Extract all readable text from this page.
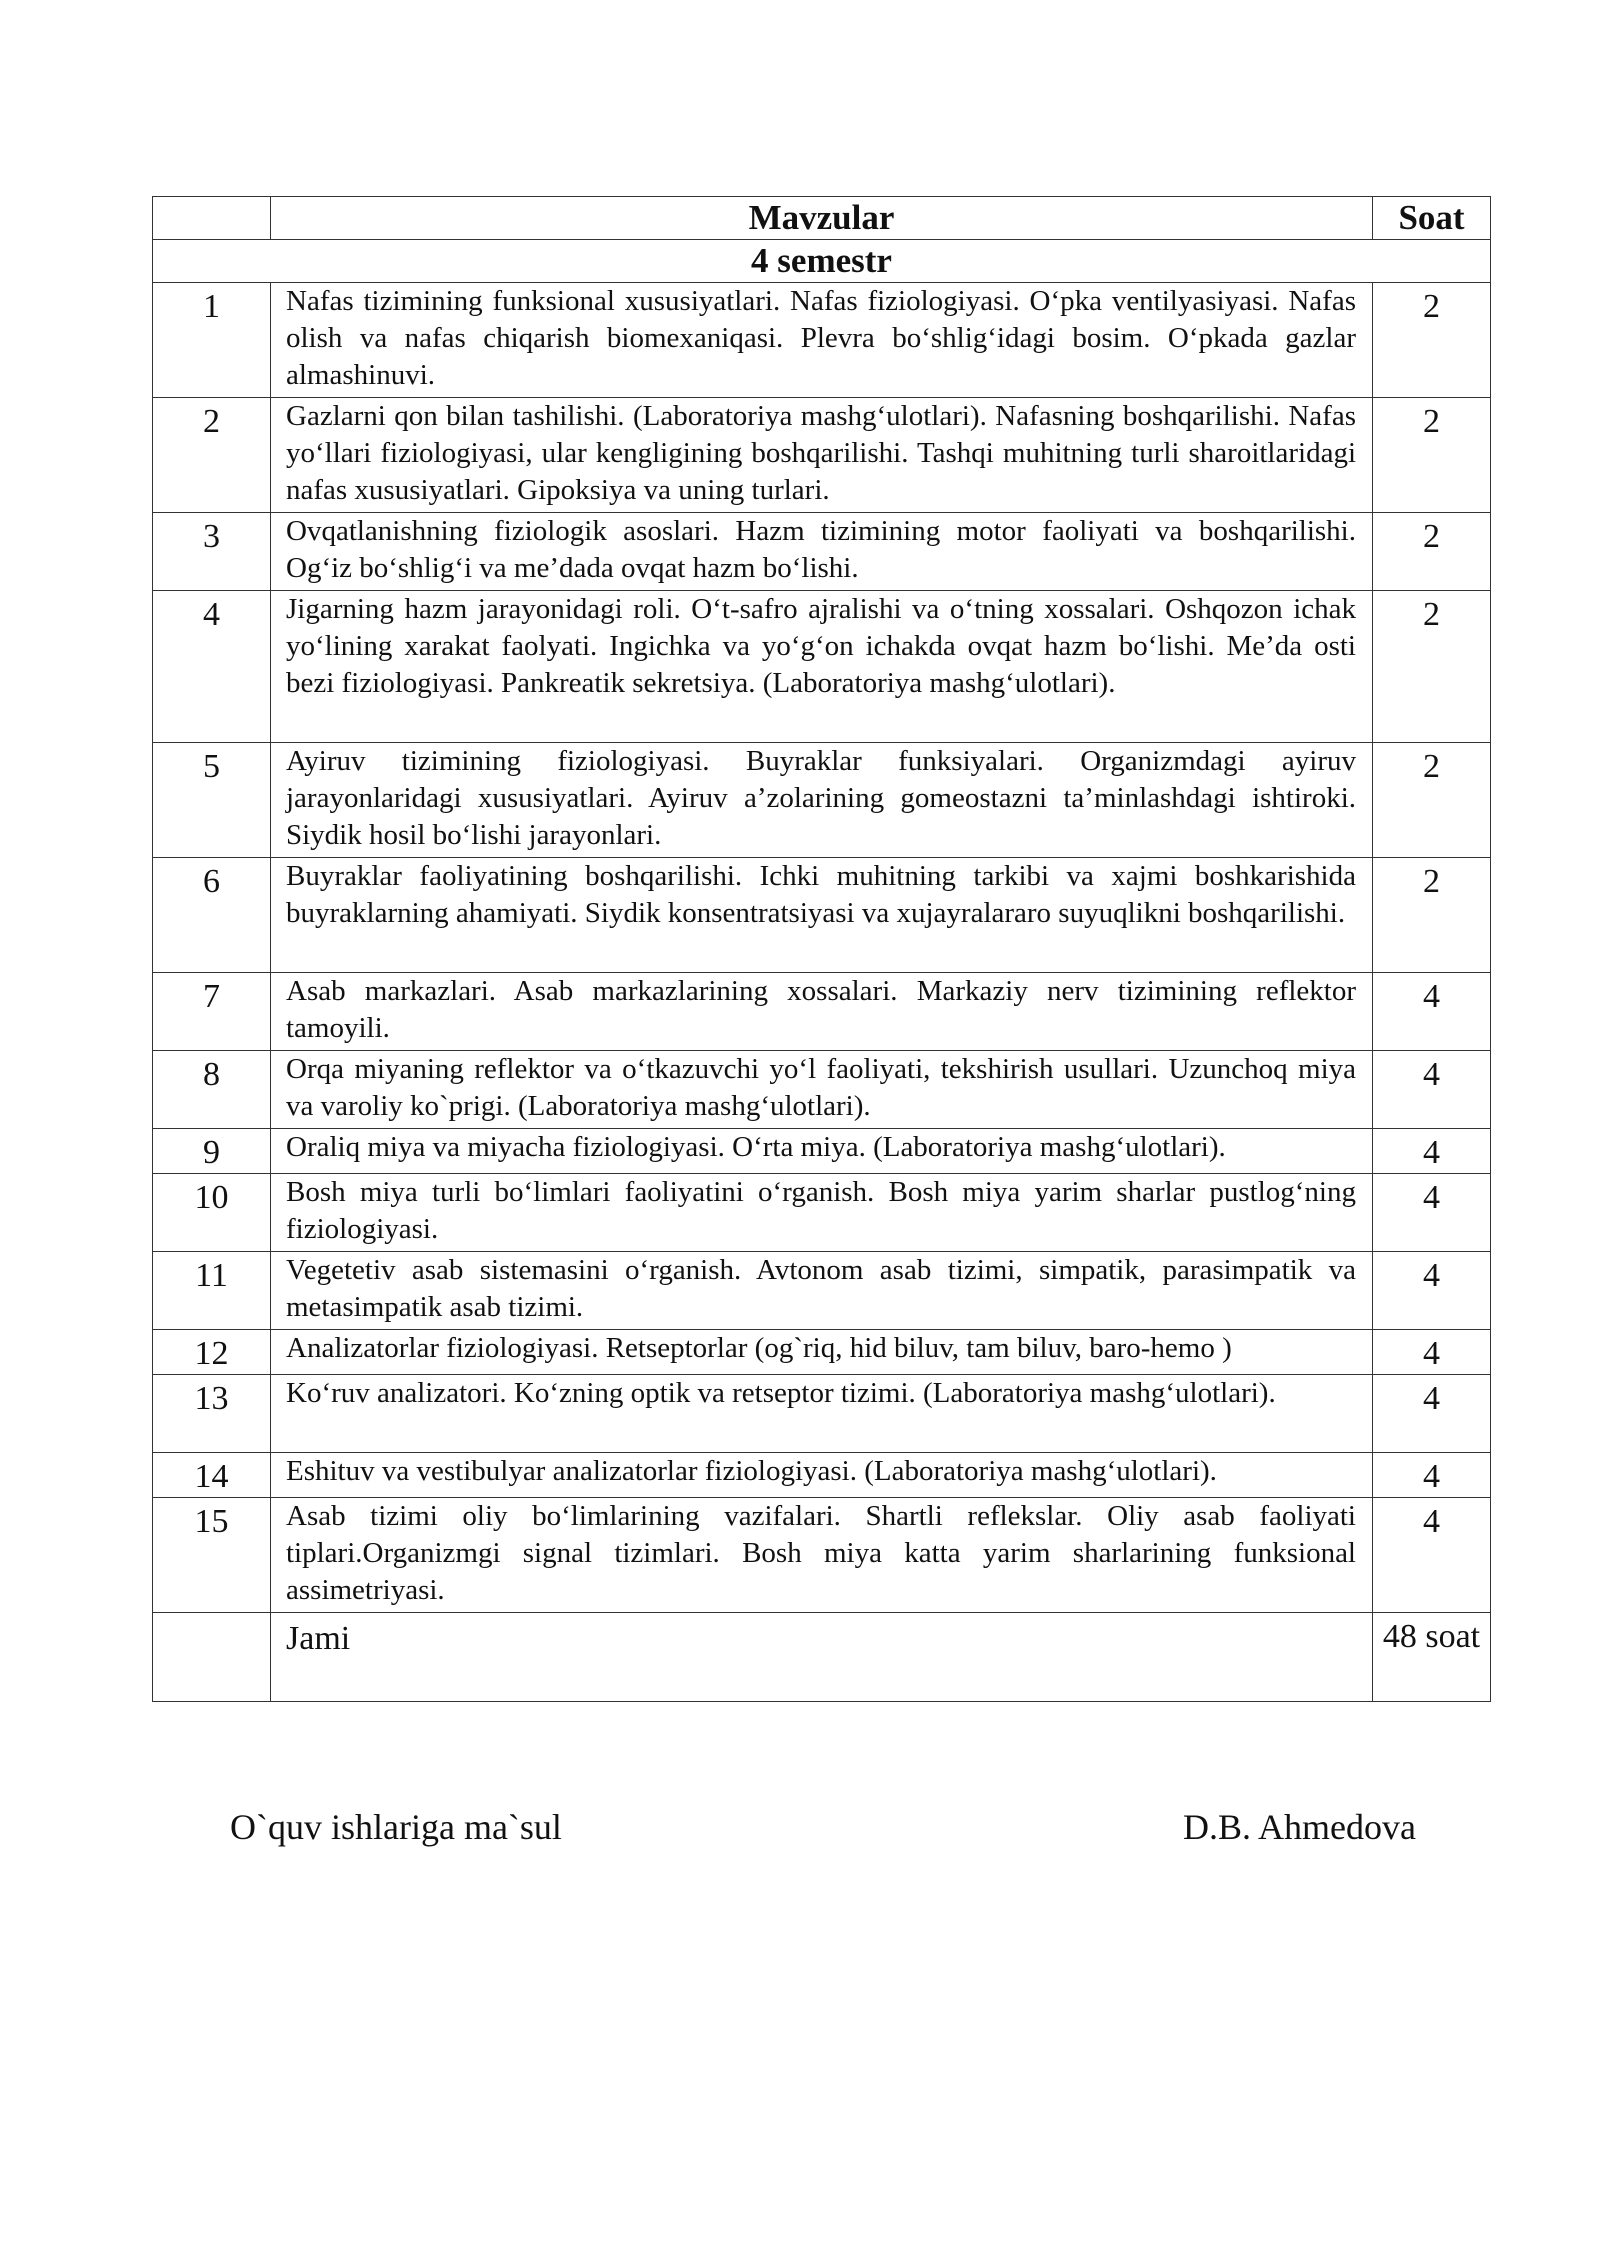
	Mavzular	Soat
4 semestr		
1	Nafas tizimining funksional xususiyatlari. Nafas fiziologiyasi. O‘pka ventilyasiyasi. Nafas olish va nafas chiqarish biomexaniqasi. Plevra bo‘shlig‘idagi bosim. O‘pkada gazlar almashinuvi.	2
2	Gazlarni qon bilan tashilishi. (Laboratoriya mashg‘ulotlari). Nafasning boshqarilishi. Nafas yo‘llari fiziologiyasi, ular kengligining boshqarilishi. Tashqi muhitning turli sharoitlaridagi nafas xususiyatlari. Gipoksiya va uning turlari.	2
3	Ovqatlanishning fiziologik asoslari. Hazm tizimining motor faoliyati va boshqarilishi. Og‘iz bo‘shlig‘i va me’dada ovqat hazm bo‘lishi.	2
4	Jigarning hazm jarayonidagi roli. O‘t-safro ajralishi va o‘tning xossalari. Oshqozon ichak yo‘lining xarakat faolyati. Ingichka va yo‘g‘on ichakda ovqat hazm bo‘lishi. Me’da osti bezi fiziologiyasi. Pankreatik sekretsiya. (Laboratoriya mashg‘ulotlari).	2
5	Ayiruv tizimining fiziologiyasi. Buyraklar funksiyalari. Organizmdagi ayiruv jarayonlaridagi xususiyatlari. Ayiruv a’zolarining gomeostazni ta’minlashdagi ishtiroki. Siydik hosil bo‘lishi jarayonlari.	2
6	Buyraklar faoliyatining boshqarilishi. Ichki muhitning tarkibi va xajmi boshkarishida buyraklarning ahamiyati. Siydik konsentratsiyasi va xujayralararo suyuqlikni boshqarilishi.	2
7	Asab markazlari. Asab markazlarining xossalari. Markaziy nerv tizimining reflektor tamoyili.	4
8	Orqa miyaning reflektor va o‘tkazuvchi yo‘l faoliyati, tekshirish usullari. Uzunchoq miya va varoliy ko`prigi. (Laboratoriya mashg‘ulotlari).	4
9	Oraliq miya va miyacha fiziologiyasi. O‘rta miya. (Laboratoriya mashg‘ulotlari).	4
10	Bosh miya turli bo‘limlari faoliyatini o‘rganish. Bosh miya yarim sharlar pustlog‘ning fiziologiyasi.	4
11	Vegetetiv asab sistemasini o‘rganish. Avtonom asab tizimi, simpatik, parasimpatik va metasimpatik asab tizimi.	4
12	Analizatorlar fiziologiyasi. Retseptorlar (og`riq, hid biluv, tam biluv, baro-hemo )	4
13	Ko‘ruv analizatori. Ko‘zning optik va retseptor tizimi. (Laboratoriya mashg‘ulotlari).	4
14	Eshituv va vestibulyar analizatorlar fiziologiyasi. (Laboratoriya mashg‘ulotlari).	4
15	Asab tizimi oliy bo‘limlarining vazifalari. Shartli reflekslar. Oliy asab faoliyati tiplari.Organizmgi signal tizimlari. Bosh miya katta yarim sharlarining funksional assimetriyasi.	4
	Jami	48 soat
O`quv ishlariga ma`sul	D.B. Ahmedova
